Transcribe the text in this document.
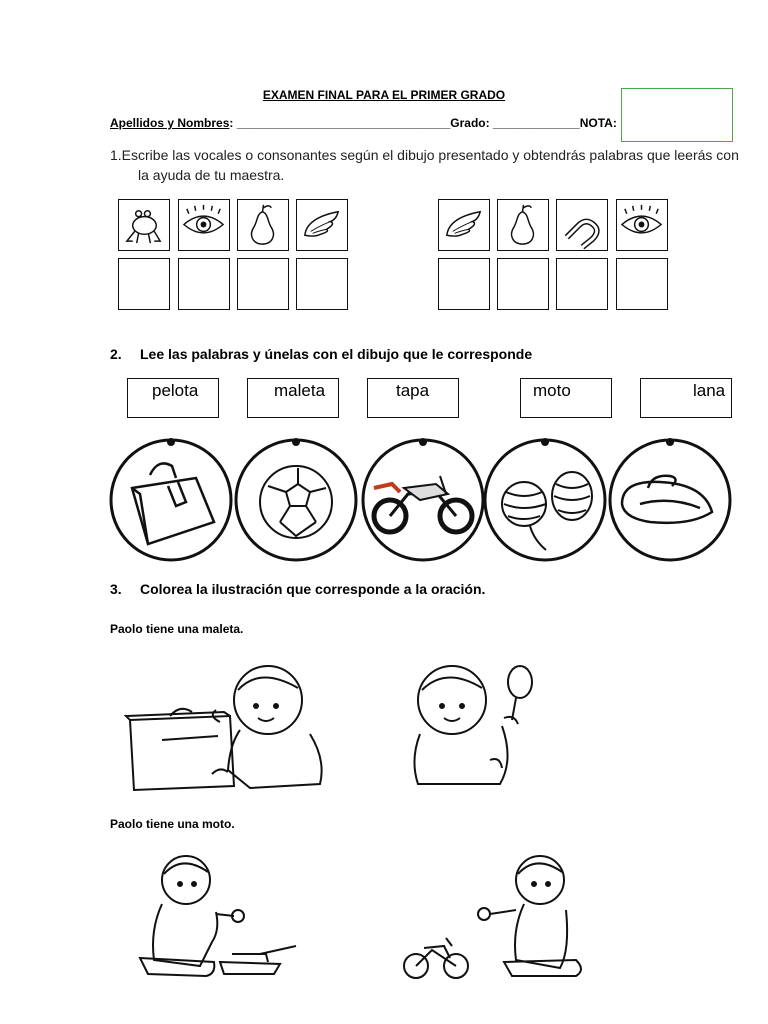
EXAMEN FINAL PARA EL PRIMER GRADO
Apellidos y Nombres: ________________________________Grado: _____________NOTA:
1.Escribe las vocales o consonantes según el dibujo presentado y obtendrás palabras que leerás con
la ayuda de tu maestra.
2. Lee las palabras y únelas con el dibujo que le corresponde
pelota	maleta	tapa	moto	lana
3. Colorea la ilustración que corresponde a la oración.
Paolo tiene una maleta.
Paolo tiene una moto.
